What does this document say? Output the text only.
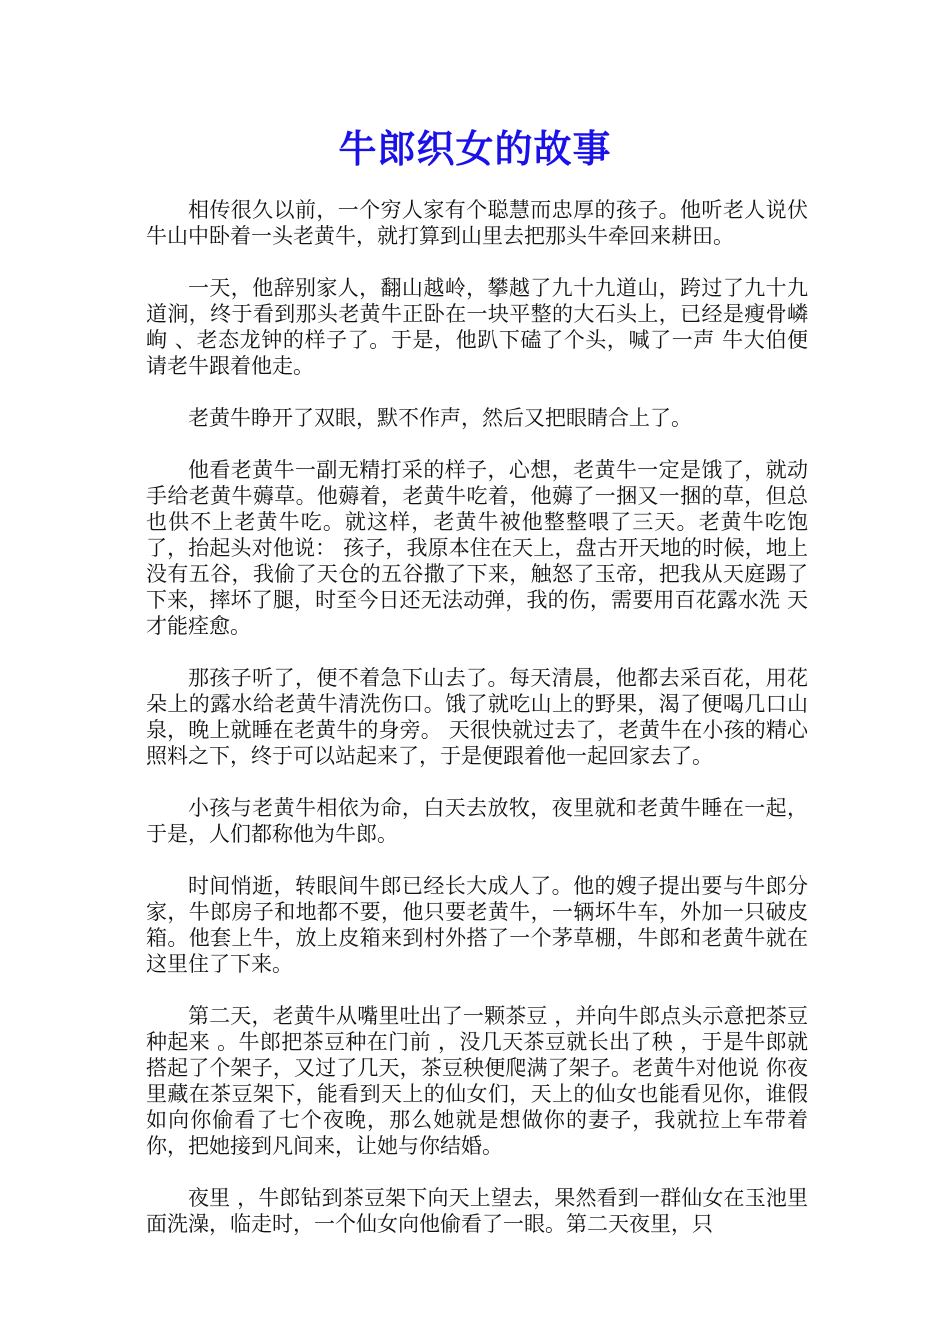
牛郎织女的故事

相传很久以前，一个穷人家有个聪慧而忠厚的孩子。他听老人说伏牛山中卧着一头老黄牛，就打算到山里去把那头牛牵回来耕田。

一天，他辞别家人，翻山越岭，攀越了九十九道山，跨过了九十九道涧，终于看到那头老黄牛正卧在一块平整的大石头上，已经是瘦骨嶙峋 、老态龙钟的样子了。于是，他趴下磕了个头，喊了一声 牛大伯便请老牛跟着他走。

老黄牛睁开了双眼，默不作声，然后又把眼睛合上了。

他看老黄牛一副无精打采的样子，心想，老黄牛一定是饿了，就动手给老黄牛薅草。他薅着，老黄牛吃着，他薅了一捆又一捆的草，但总也供不上老黄牛吃。就这样，老黄牛被他整整喂了三天。老黄牛吃饱了，抬起头对他说： 孩子，我原本住在天上，盘古开天地的时候，地上没有五谷，我偷了天仓的五谷撒了下来，触怒了玉帝，把我从天庭踢了下来，摔坏了腿，时至今日还无法动弹，我的伤，需要用百花露水洗 天才能痊愈。

那孩子听了，便不着急下山去了。每天清晨，他都去采百花，用花朵上的露水给老黄牛清洗伤口。饿了就吃山上的野果，渴了便喝几口山泉，晚上就睡在老黄牛的身旁。 天很快就过去了，老黄牛在小孩的精心照料之下，终于可以站起来了，于是便跟着他一起回家去了。

小孩与老黄牛相依为命，白天去放牧，夜里就和老黄牛睡在一起，于是，人们都称他为牛郎。

时间悄逝，转眼间牛郎已经长大成人了。他的嫂子提出要与牛郎分家，牛郎房子和地都不要，他只要老黄牛，一辆坏牛车，外加一只破皮箱。他套上牛，放上皮箱来到村外搭了一个茅草棚，牛郎和老黄牛就在这里住了下来。

第二天，老黄牛从嘴里吐出了一颗茶豆 ，并向牛郎点头示意把茶豆种起来 。牛郎把茶豆种在门前 ，没几天茶豆就长出了秧 ，于是牛郎就搭起了个架子，又过了几天，茶豆秧便爬满了架子。老黄牛对他说 你夜里藏在茶豆架下，能看到天上的仙女们，天上的仙女也能看见你，谁假如向你偷看了七个夜晚，那么她就是想做你的妻子，我就拉上车带着你，把她接到凡间来，让她与你结婚。

夜里 ，牛郎钻到茶豆架下向天上望去，果然看到一群仙女在玉池里面洗澡，临走时，一个仙女向他偷看了一眼。第二天夜里，只
